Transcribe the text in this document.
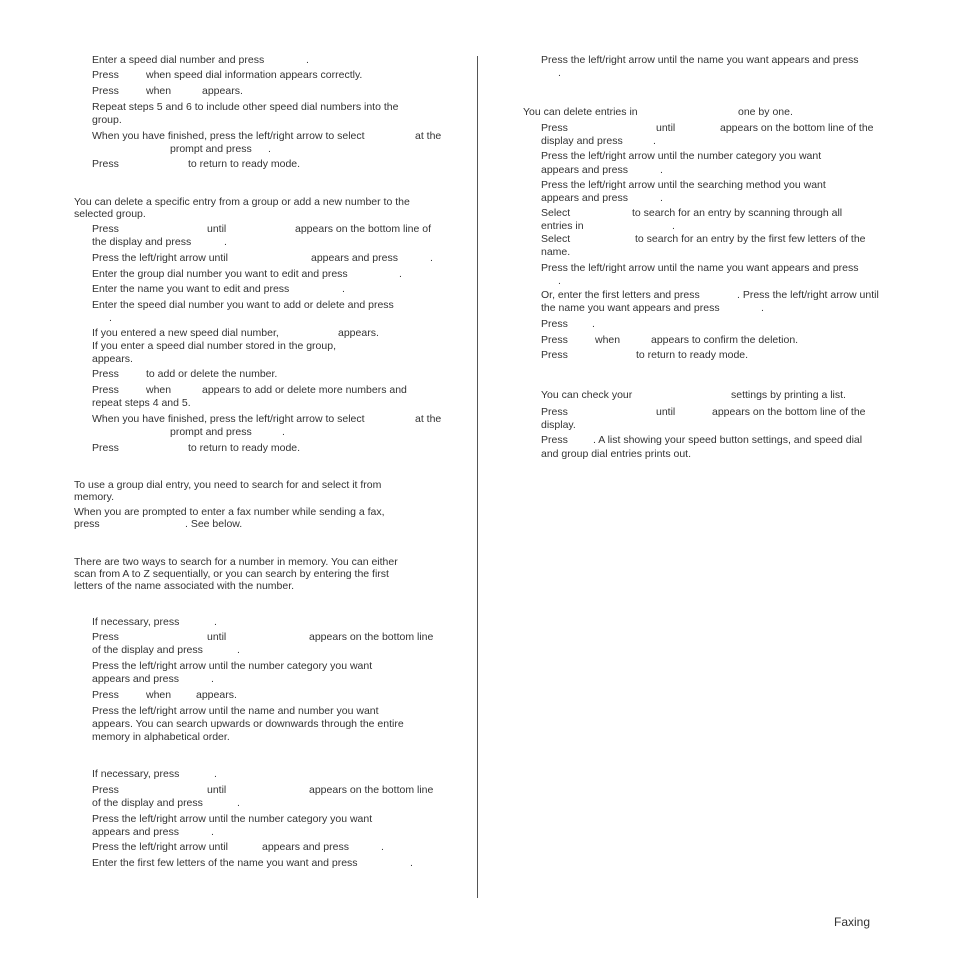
Enter a speed dial number and press	.
Press	when speed dial information appears correctly.
Press	when	appears.
Repeat steps 5 and 6 to include other speed dial numbers into the
group.
When you have finished, press the left/right arrow to select	at the
prompt and press .
Press	to return to ready mode.
You can delete a specific entry from a group or add a new number to the
selected group.
Press	until	appears on the bottom line of
the display and press	.
Press the left/right arrow until	appears and press	.
Enter the group dial number you want to edit and press	.
Enter the name you want to edit and press	.
Enter the speed dial number you want to add or delete and press
.
If you entered a new speed dial number,	appears.
If you enter a speed dial number stored in the group,
appears.
Press	to add or delete the number.
Press	when	appears to add or delete more numbers and
repeat steps 4 and 5.
When you have finished, press the left/right arrow to select	at the
prompt and press	.
Press	to return to ready mode.
To use a group dial entry, you need to search for and select it from
memory.
When you are prompted to enter a fax number while sending a fax,
press	. See below.
There are two ways to search for a number in memory. You can either
scan from A to Z sequentially, or you can search by entering the first
letters of the name associated with the number.
If necessary, press	.
Press	until	appears on the bottom line
of the display and press	.
Press the left/right arrow until the number category you want
appears and press	.
Press	when appears.
Press the left/right arrow until the name and number you want
appears. You can search upwards or downwards through the entire
memory in alphabetical order.
If necessary, press	.
Press	until	appears on the bottom line
of the display and press	.
Press the left/right arrow until the number category you want
appears and press	.
Press the left/right arrow until	appears and press	.
Enter the first few letters of the name you want and press	.
Press the left/right arrow until the name you want appears and press
.
You can delete entries in	one by one.
Press	until	appears on the bottom line of the
display and press	.
Press the left/right arrow until the number category you want
appears and press	.
Press the left/right arrow until the searching method you want
appears and press	.
Select	to search for an entry by scanning through all
entries in	.
Select	to search for an entry by the first few letters of the
name.
Press the left/right arrow until the name you want appears and press
.
Or, enter the first letters and press	. Press the left/right arrow until
the name you want appears and press	.
Press .
Press	when	appears to confirm the deletion.
Press	to return to ready mode.
You can check your	settings by printing a list.
Press	until	appears on the bottom line of the
display.
Press . A list showing your speed button settings, and speed dial
and group dial entries prints out.
Faxing
